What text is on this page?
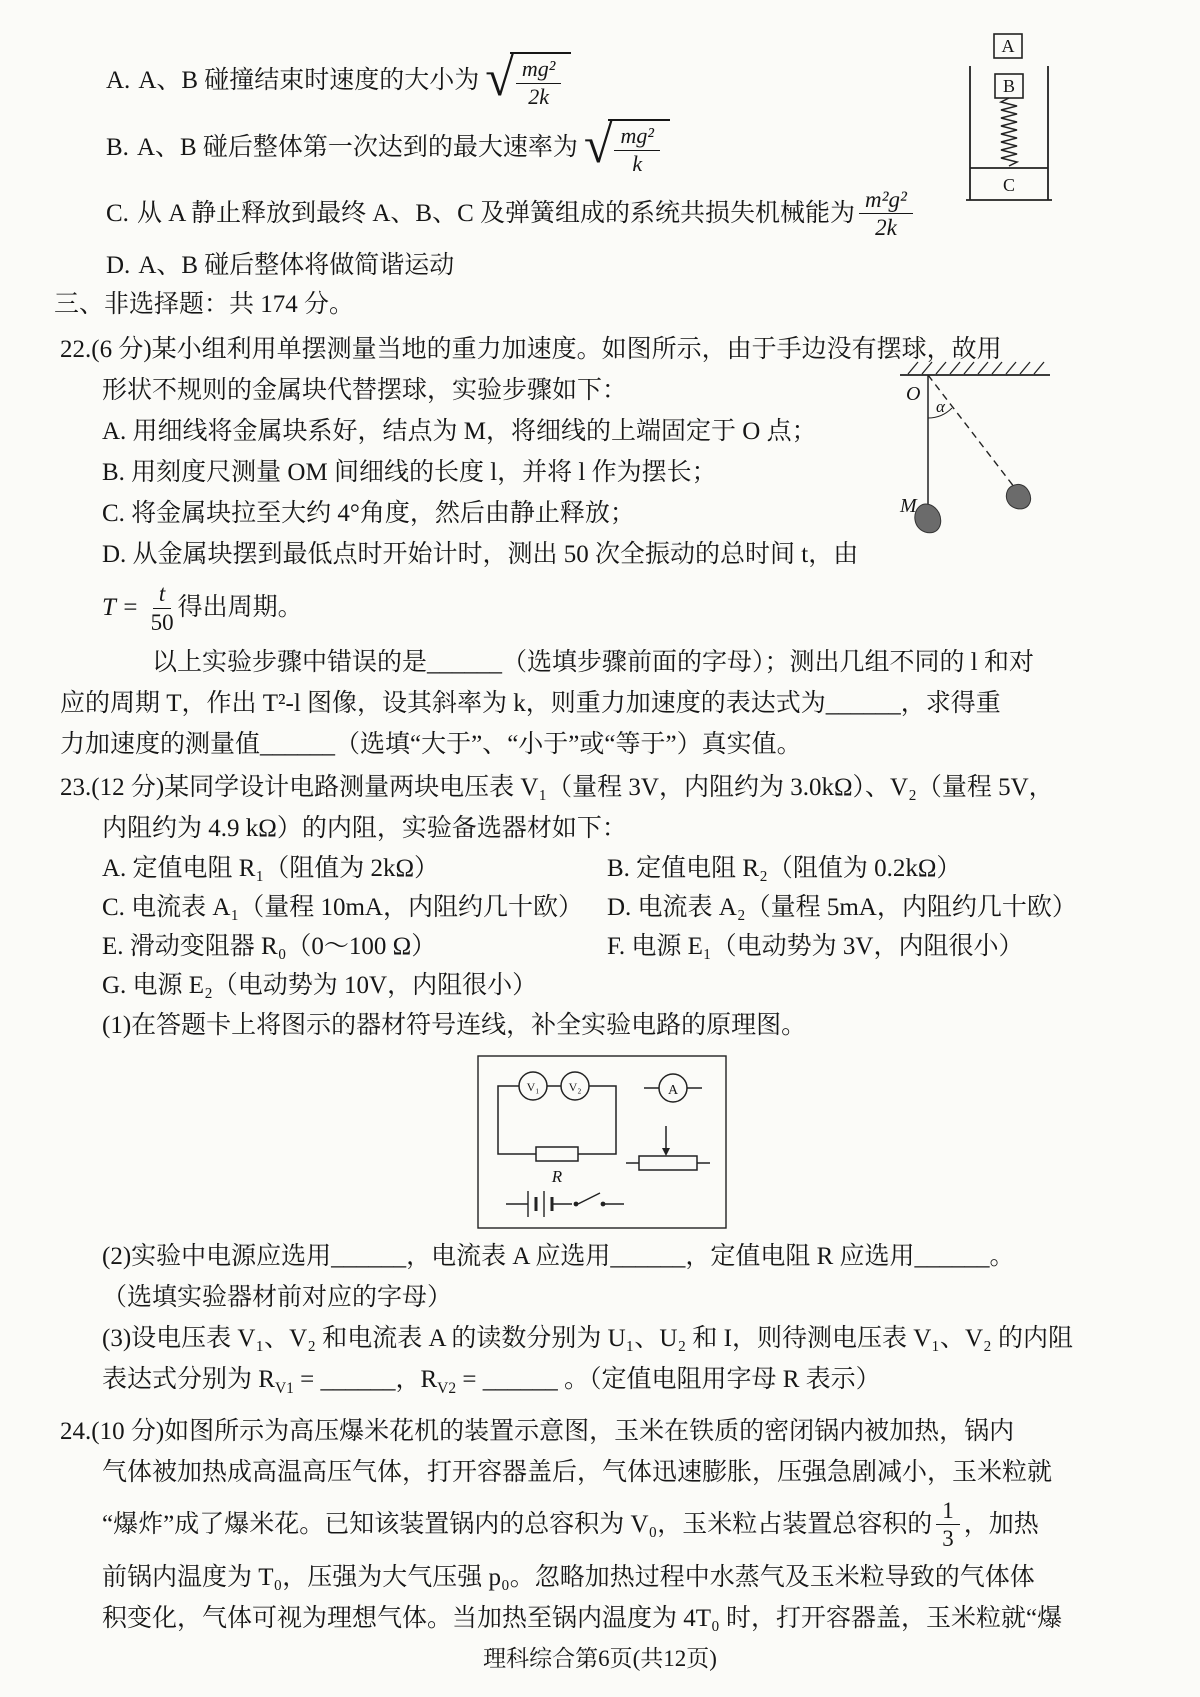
A
B
C
O
α
M
A. A、B 碰撞结束时速度的大小为 √ $\frac{\text{mg²}}{2k}$
B. A、B 碰后整体第一次达到的最大速率为 √ $\frac{\text{mg²}}{k}$
C. 从 A 静止释放到最终 A、B、C 及弹簧组成的系统共损失机械能为 $\frac{\text{m²g²}}{2k}$
D. A、B 碰后整体将做简谐运动
三、非选择题：共 174 分。
22.(6 分)某小组利用单摆测量当地的重力加速度。如图所示，由于手边没有摆球，故用
形状不规则的金属块代替摆球，实验步骤如下：
A. 用细线将金属块系好，结点为 M，将细线的上端固定于 O 点；
B. 用刻度尺测量 OM 间细线的长度 l，并将 l 作为摆长；
C. 将金属块拉至大约 4°角度，然后由静止释放；
D. 从金属块摆到最低点时开始计时，测出 50 次全振动的总时间 t，由
$T = \frac{t}{50}$ 得出周期。
以上实验步骤中错误的是______（选填步骤前面的字母）；测出几组不同的 l 和对
应的周期 T，作出 T²-l 图像，设其斜率为 k，则重力加速度的表达式为______，求得重
力加速度的测量值______（选填“大于”、“小于”或“等于”）真实值。
23.(12 分)某同学设计电路测量两块电压表 V₁（量程 3V，内阻约为 3.0kΩ）、V₂（量程 5V，
内阻约为 4.9 kΩ）的内阻，实验备选器材如下：
A. 定值电阻 R₁（阻值为 2kΩ）	B. 定值电阻 R₂（阻值为 0.2kΩ）
C. 电流表 A₁（量程 10mA，内阻约几十欧） D. 电流表 A₂（量程 5mA，内阻约几十欧）
E. 滑动变阻器 R₀（0～100 Ω）	F. 电源 E₁（电动势为 3V，内阻很小）
G. 电源 E₂（电动势为 10V，内阻很小）
(1)在答题卡上将图示的器材符号连线，补全实验电路的原理图。
V₁ V₂
R
A
(2)实验中电源应选用______，电流表 A 应选用______，定值电阻 R 应选用______。
（选填实验器材前对应的字母）
(3)设电压表 V₁、V₂ 和电流表 A 的读数分别为 U₁、U₂ 和 I，则待测电压表 V₁、V₂ 的内阻
表达式分别为 $R_{V1}$ = ______，$R_{V2}$ = ______ 。（定值电阻用字母 R 表示）
24.(10 分)如图所示为高压爆米花机的装置示意图，玉米在铁质的密闭锅内被加热，锅内
气体被加热成高温高压气体，打开容器盖后，气体迅速膨胀，压强急剧减小，玉米粒就
“爆炸”成了爆米花。已知该装置锅内的总容积为 V₀，玉米粒占装置总容积的 $\frac{1}{3}$ ，加热
前锅内温度为 T₀，压强为大气压强 p₀。忽略加热过程中水蒸气及玉米粒导致的气体体
积变化，气体可视为理想气体。当加热至锅内温度为 4T₀ 时，打开容器盖，玉米粒就“爆
理科综合第6页(共12页)
